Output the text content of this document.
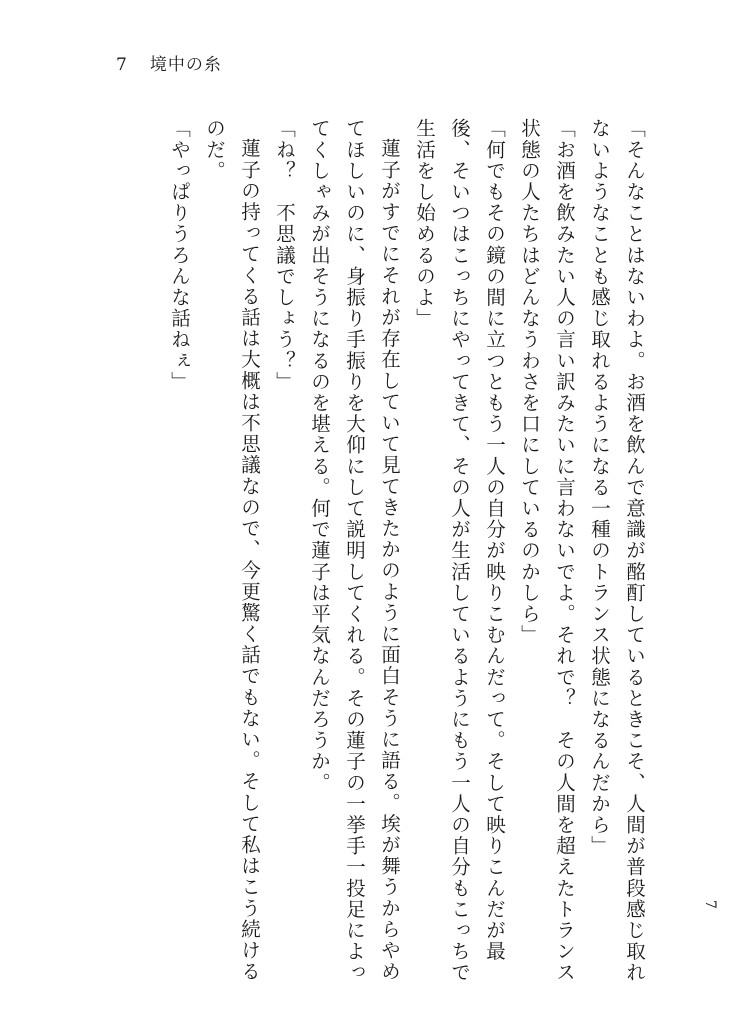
7 境中の糸

「そんなことはないわよ。お酒を飲んで意識が酩酊しているときこそ、人間が普段感じ取れないようなことも感じ取れるようになる一種のトランス状態になるんだから」

「お酒を飲みたい人の言い訳みたいに言わないでよ。それで？　その人間を超えたトランス状態の人たちはどんなうわさを口にしているのかしら」

「何でもその鏡の間に立つともう一人の自分が映りこむんだって。そして映りこんだが最後、そいつはこっちにやってきて、その人が生活しているようにもう一人の自分もこっちで生活をし始めるのよ」

蓮子がすでにそれが存在していて見てきたかのように面白そうに語る。埃が舞うからやめてほしいのに、身振り手振りを大仰にして説明してくれる。その蓮子の一挙手一投足によってくしゃみが出そうになるのを堪える。何で蓮子は平気なんだろうか。

「ね？　不思議でしょう？」

蓮子の持ってくる話は大概は不思議なので、今更驚く話でもない。そして私はこう続けるのだ。

「やっぱりうろんな話ねぇ」

7
